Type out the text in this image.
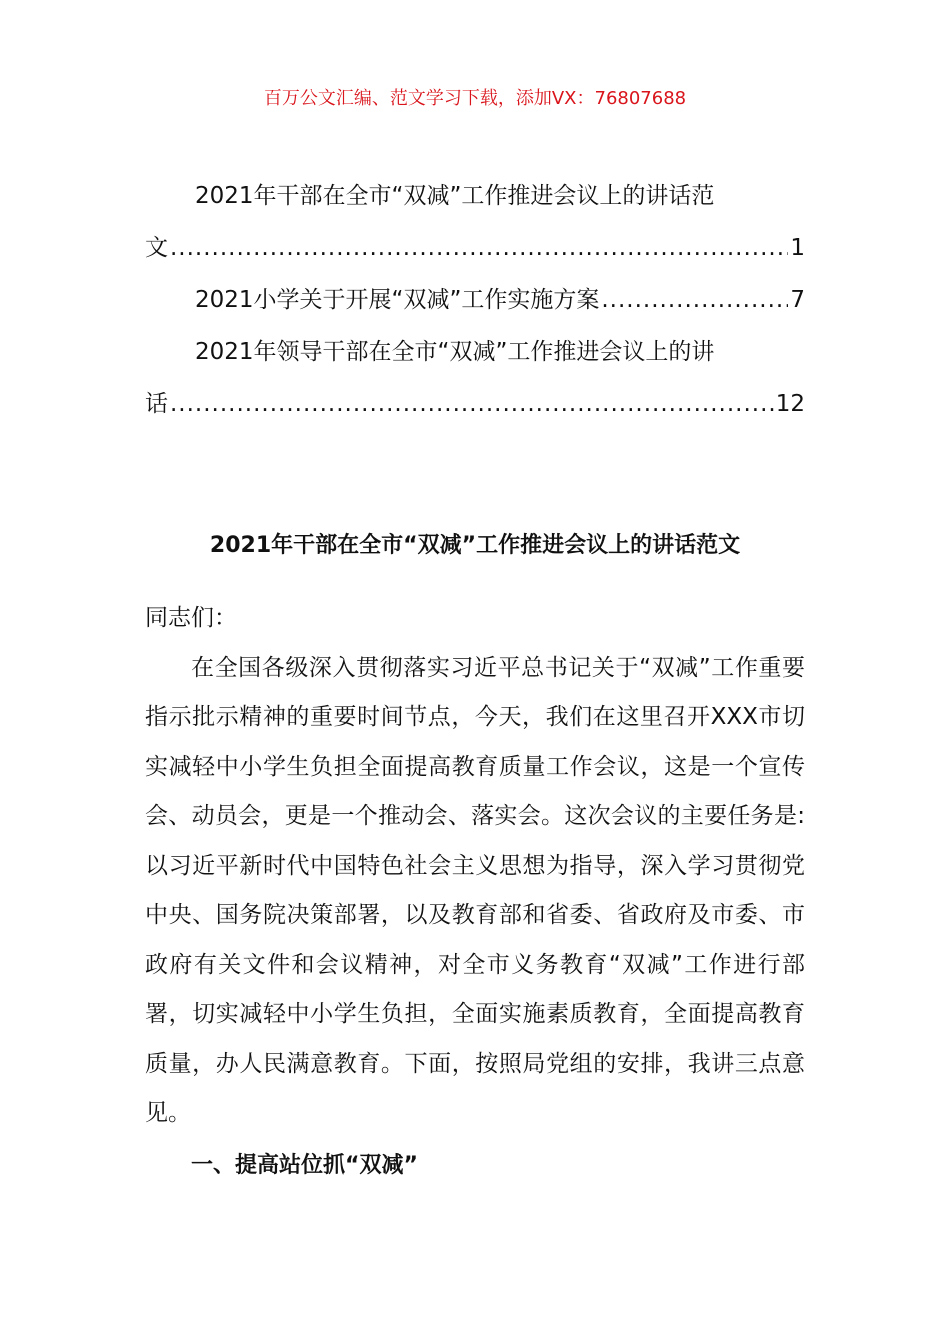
百万公文汇编、范文学习下载，添加VX：76807688
2021年干部在全市“双减”工作推进会议上的讲话范
文 .....	1
2021小学关于开展“双减”工作实施方案 .....	7
2021年领导干部在全市“双减”工作推进会议上的讲
话 .....	12
2021年干部在全市“双减”工作推进会议上的讲话范文

同志们：

在全国各级深入贯彻落实习近平总书记关于“双减”工作重要指示批示精神的重要时间节点，今天，我们在这里召开XXX市切实减轻中小学生负担全面提高教育质量工作会议，这是一个宣传会、动员会，更是一个推动会、落实会。这次会议的主要任务是:以习近平新时代中国特色社会主义思想为指导，深入学习贯彻党中央、国务院决策部署，以及教育部和省委、省政府及市委、市政府有关文件和会议精神，对全市义务教育“双减”工作进行部署，切实减轻中小学生负担，全面实施素质教育，全面提高教育质量，办人民满意教育。下面，按照局党组的安排，我讲三点意见。

一、提高站位抓“双减”
